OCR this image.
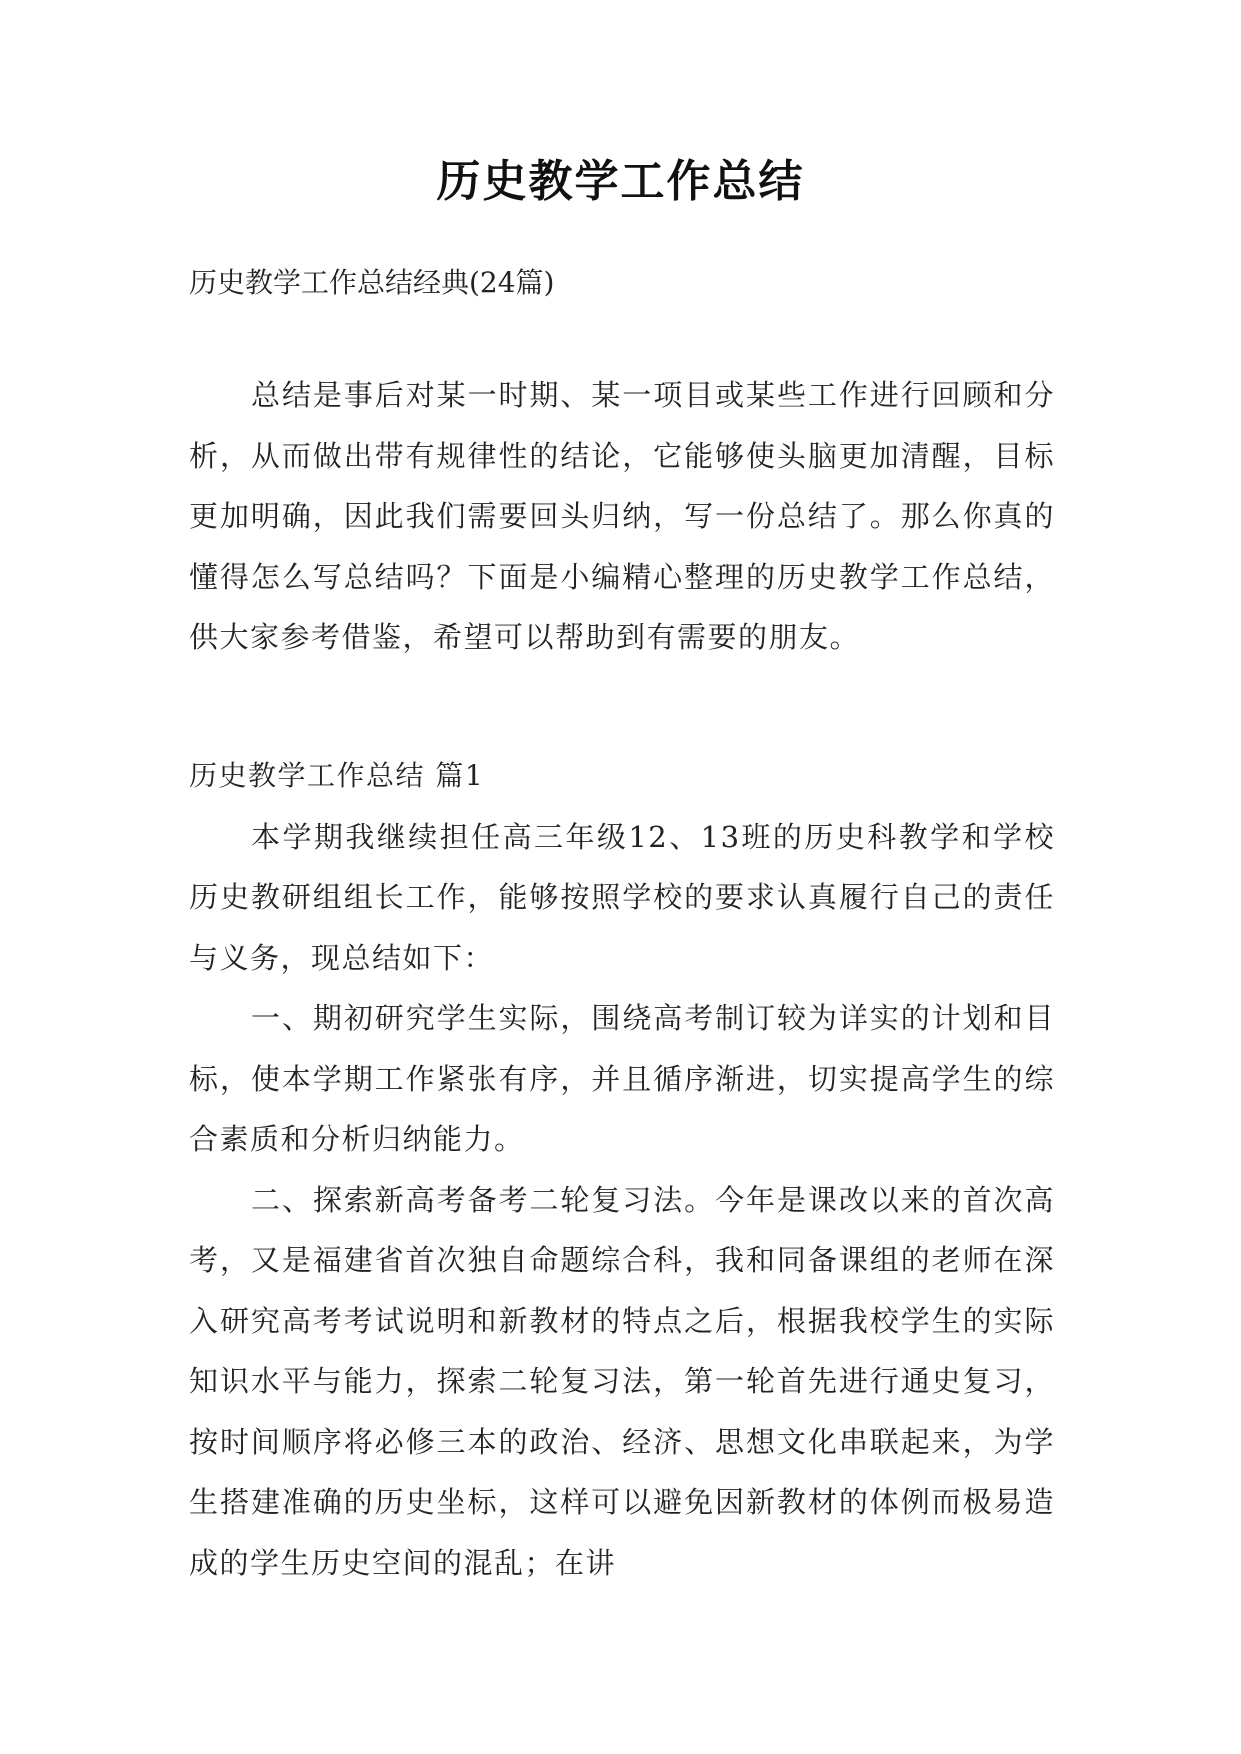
历史教学工作总结
历史教学工作总结经典(24篇)

总结是事后对某一时期、某一项目或某些工作进行回顾和分析，从而做出带有规律性的结论，它能够使头脑更加清醒，目标更加明确，因此我们需要回头归纳，写一份总结了。那么你真的懂得怎么写总结吗？下面是小编精心整理的历史教学工作总结，供大家参考借鉴，希望可以帮助到有需要的朋友。

历史教学工作总结 篇1

本学期我继续担任高三年级12、13班的历史科教学和学校历史教研组组长工作，能够按照学校的要求认真履行自己的责任与义务，现总结如下：

一、期初研究学生实际，围绕高考制订较为详实的计划和目标，使本学期工作紧张有序，并且循序渐进，切实提高学生的综合素质和分析归纳能力。

二、探索新高考备考二轮复习法。今年是课改以来的首次高考，又是福建省首次独自命题综合科，我和同备课组的老师在深入研究高考考试说明和新教材的特点之后，根据我校学生的实际知识水平与能力，探索二轮复习法，第一轮首先进行通史复习，按时间顺序将必修三本的政治、经济、思想文化串联起来，为学生搭建准确的历史坐标，这样可以避免因新教材的体例而极易造成的学生历史空间的混乱；在讲
